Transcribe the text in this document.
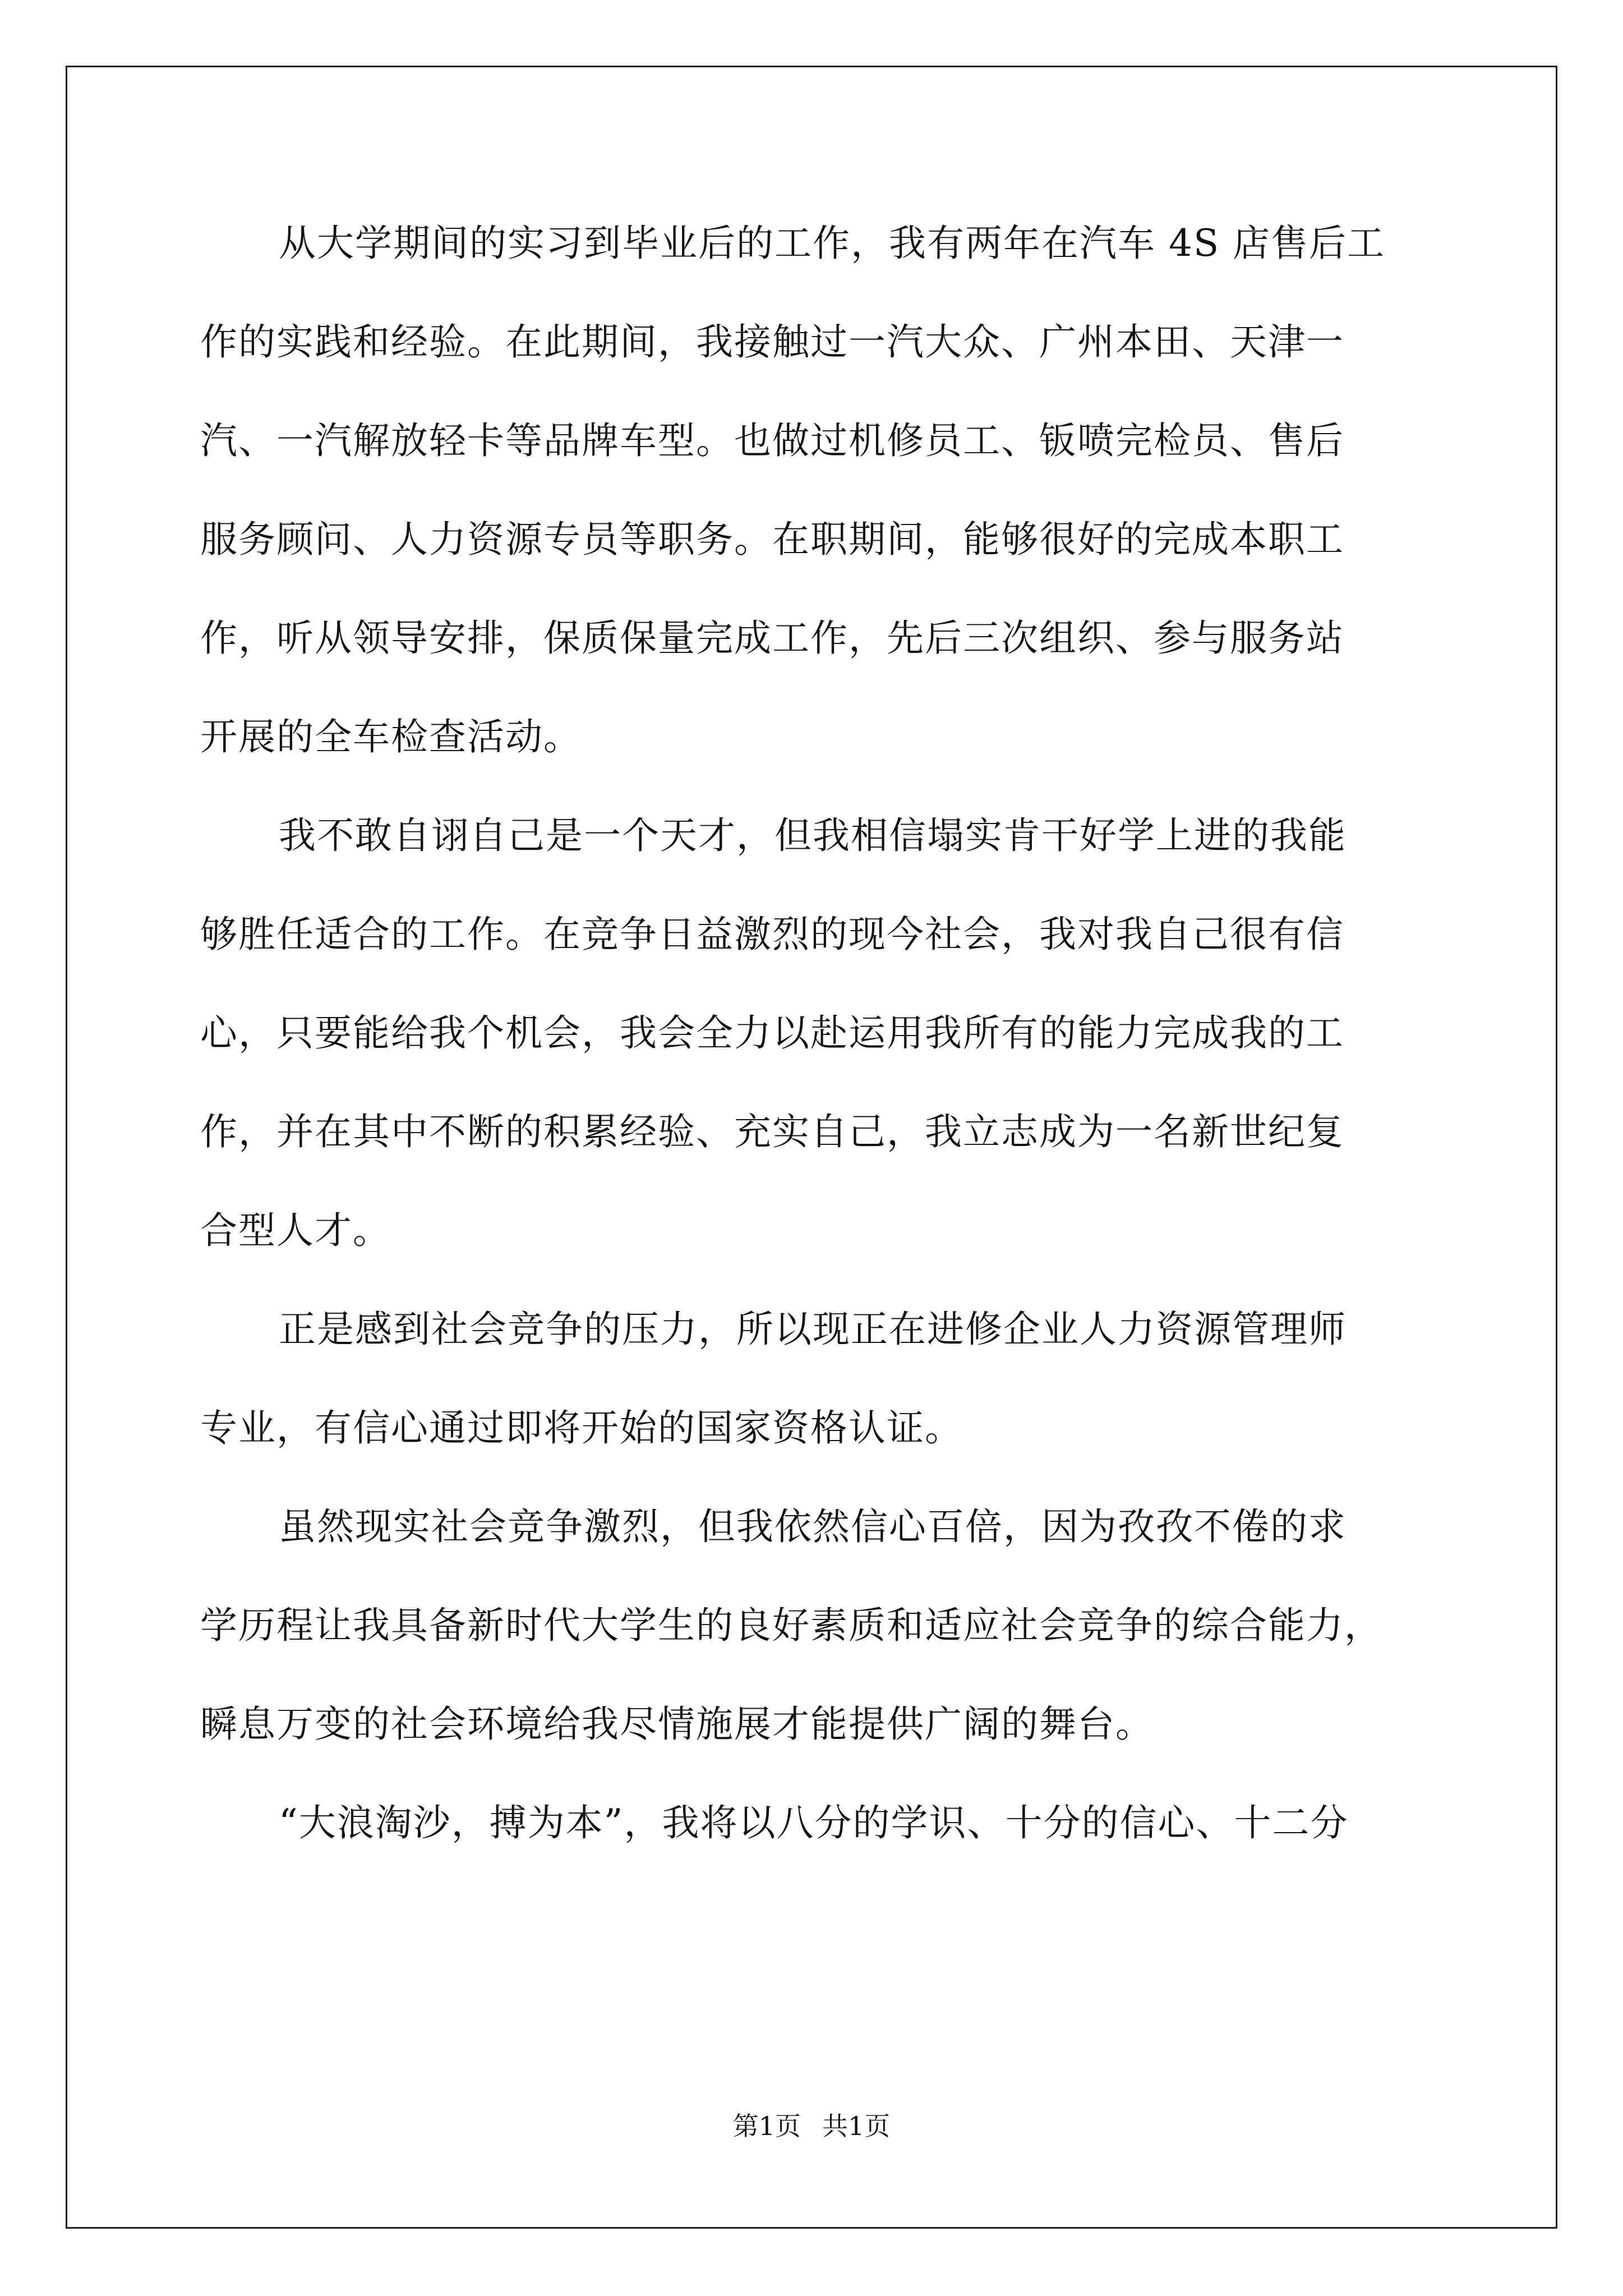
从大学期间的实习到毕业后的工作，我有两年在汽车 4S 店售后工
作的实践和经验。在此期间，我接触过一汽大众、广州本田、天津一
汽、一汽解放轻卡等品牌车型。也做过机修员工、钣喷完检员、售后
服务顾问、人力资源专员等职务。在职期间，能够很好的完成本职工
作，听从领导安排，保质保量完成工作，先后三次组织、参与服务站
开展的全车检查活动。
我不敢自诩自己是一个天才，但我相信塌实肯干好学上进的我能
够胜任适合的工作。在竞争日益激烈的现今社会，我对我自己很有信
心，只要能给我个机会，我会全力以赴运用我所有的能力完成我的工
作，并在其中不断的积累经验、充实自己，我立志成为一名新世纪复
合型人才。
正是感到社会竞争的压力，所以现正在进修企业人力资源管理师
专业，有信心通过即将开始的国家资格认证。
虽然现实社会竞争激烈，但我依然信心百倍，因为孜孜不倦的求
学历程让我具备新时代大学生的良好素质和适应社会竞争的综合能力，
瞬息万变的社会环境给我尽情施展才能提供广阔的舞台。
“大浪淘沙，搏为本”，我将以八分的学识、十分的信心、十二分
第1页 共1页
